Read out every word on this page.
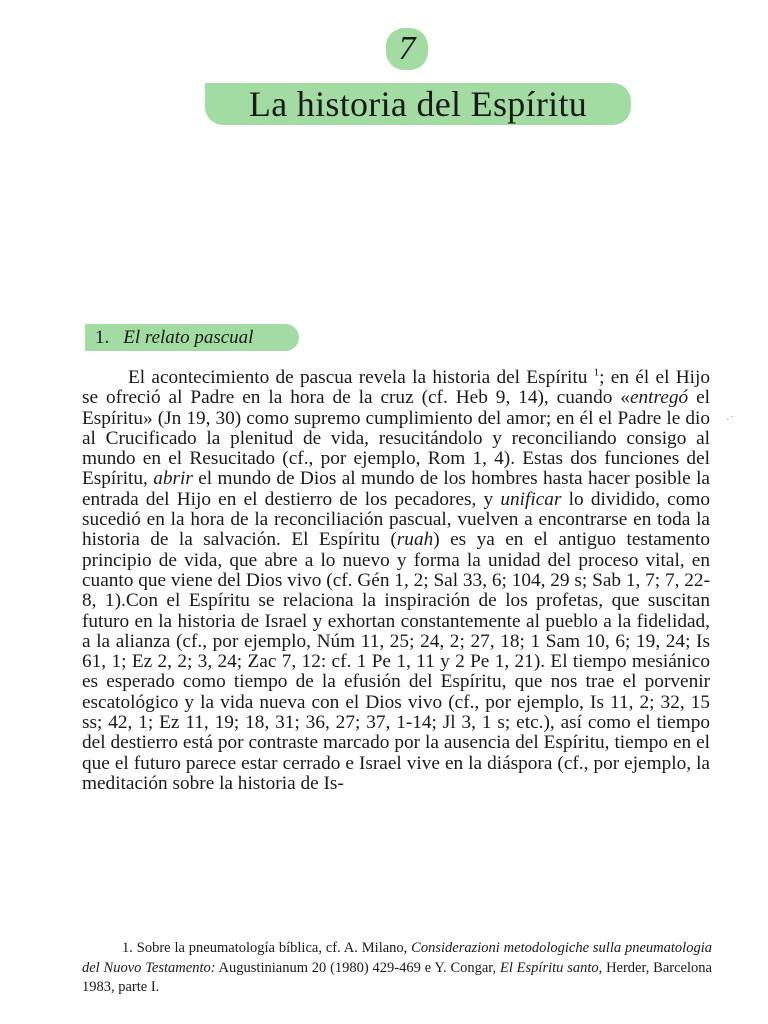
7
La historia del Espíritu
1. El relato pascual

El acontecimiento de pascua revela la historia del Espíritu $^1$; en él el Hijo se ofreció al Padre en la hora de la cruz (cf. Heb 9, 14), cuando «entregó el Espíritu» (Jn 19, 30) como supremo cumplimiento del amor; en él el Padre le dio al Crucificado la plenitud de vida, resucitándolo y reconciliando consigo al mundo en el Resucitado (cf., por ejemplo, Rom 1, 4). Estas dos funciones del Espíritu, abrir el mundo de Dios al mundo de los hombres hasta hacer posible la entrada del Hijo en el destierro de los pecadores, y unificar lo dividido, como sucedió en la hora de la reconciliación pascual, vuelven a encontrarse en toda la historia de la salvación. El Espíritu (ruah) es ya en el antiguo testamento principio de vida, que abre a lo nuevo y forma la unidad del proceso vital, en cuanto que viene del Dios vivo (cf. Gén 1, 2; Sal 33, 6; 104, 29 s; Sab 1, 7; 7, 22-8, 1).Con el Espíritu se relaciona la inspiración de los profetas, que suscitan futuro en la historia de Israel y exhortan constantemente al pueblo a la fidelidad, a la alianza (cf., por ejemplo, Núm 11, 25; 24, 2; 27, 18; 1 Sam 10, 6; 19, 24; Is 61, 1; Ez 2, 2; 3, 24; Zac 7, 12: cf. 1 Pe 1, 11 y 2 Pe 1, 21). El tiempo mesiánico es esperado como tiempo de la efusión del Espíritu, que nos trae el porvenir escatológico y la vida nueva con el Dios vivo (cf., por ejemplo, Is 11, 2; 32, 15 ss; 42, 1; Ez 11, 19; 18, 31; 36, 27; 37, 1-14; Jl 3, 1 s; etc.), así como el tiempo del destierro está por contraste marcado por la ausencia del Espíritu, tiempo en el que el futuro parece estar cerrado e Israel vive en la diáspora (cf., por ejemplo, la meditación sobre la historia de Is-

1. Sobre la pneumatología bíblica, cf. A. Milano, Considerazioni metodologiche sulla pneumatologia del Nuovo Testamento: Augustinianum 20 (1980) 429-469 e Y. Congar, El Espíritu santo, Herder, Barcelona 1983, parte I.

· ̇
